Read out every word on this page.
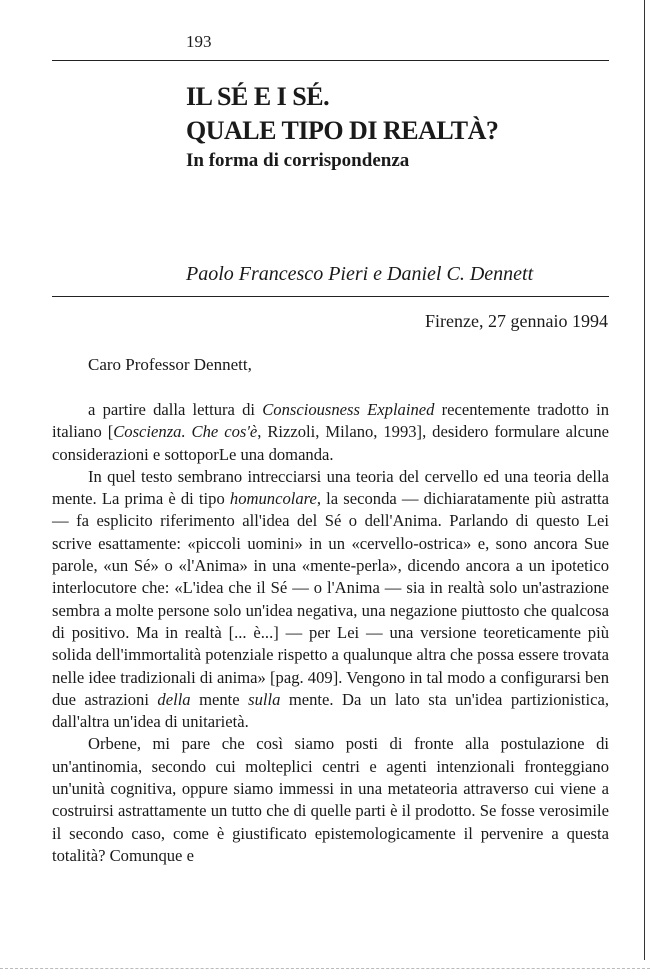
193
IL SÉ E I SÉ.
QUALE TIPO DI REALTÀ?
In forma di corrispondenza
Paolo Francesco Pieri e Daniel C. Dennett
Firenze, 27 gennaio 1994
Caro Professor Dennett,

a partire dalla lettura di Consciousness Explained recentemente tradotto in italiano [Coscienza. Che cos'è, Rizzoli, Milano, 1993], desidero formulare alcune considerazioni e sottoporLe una domanda.

In quel testo sembrano intrecciarsi una teoria del cervello ed una teoria della mente. La prima è di tipo homuncolare, la seconda — dichiaratamente più astratta — fa esplicito riferimento all'idea del Sé o dell'Anima. Parlando di questo Lei scrive esattamente: «piccoli uomini» in un «cervello-ostrica» e, sono ancora Sue parole, «un Sé» o «l'Anima» in una «mente-perla», dicendo ancora a un ipotetico interlocutore che: «L'idea che il Sé — o l'Anima — sia in realtà solo un'astrazione sembra a molte persone solo un'idea negativa, una negazione piuttosto che qualcosa di positivo. Ma in realtà [... è...] — per Lei — una versione teoreticamente più solida dell'immortalità potenziale rispetto a qualunque altra che possa essere trovata nelle idee tradizionali di anima» [pag. 409]. Vengono in tal modo a configurarsi ben due astrazioni della mente sulla mente. Da un lato sta un'idea partizionistica, dall'altra un'idea di unitarietà.

Orbene, mi pare che così siamo posti di fronte alla postulazione di un'antinomia, secondo cui molteplici centri e agenti intenzionali fronteggiano un'unità cognitiva, oppure siamo immessi in una metateoria attraverso cui viene a costruirsi astrattamente un tutto che di quelle parti è il prodotto. Se fosse verosimile il secondo caso, come è giustificato epistemologicamente il pervenire a questa totalità? Comunque e
